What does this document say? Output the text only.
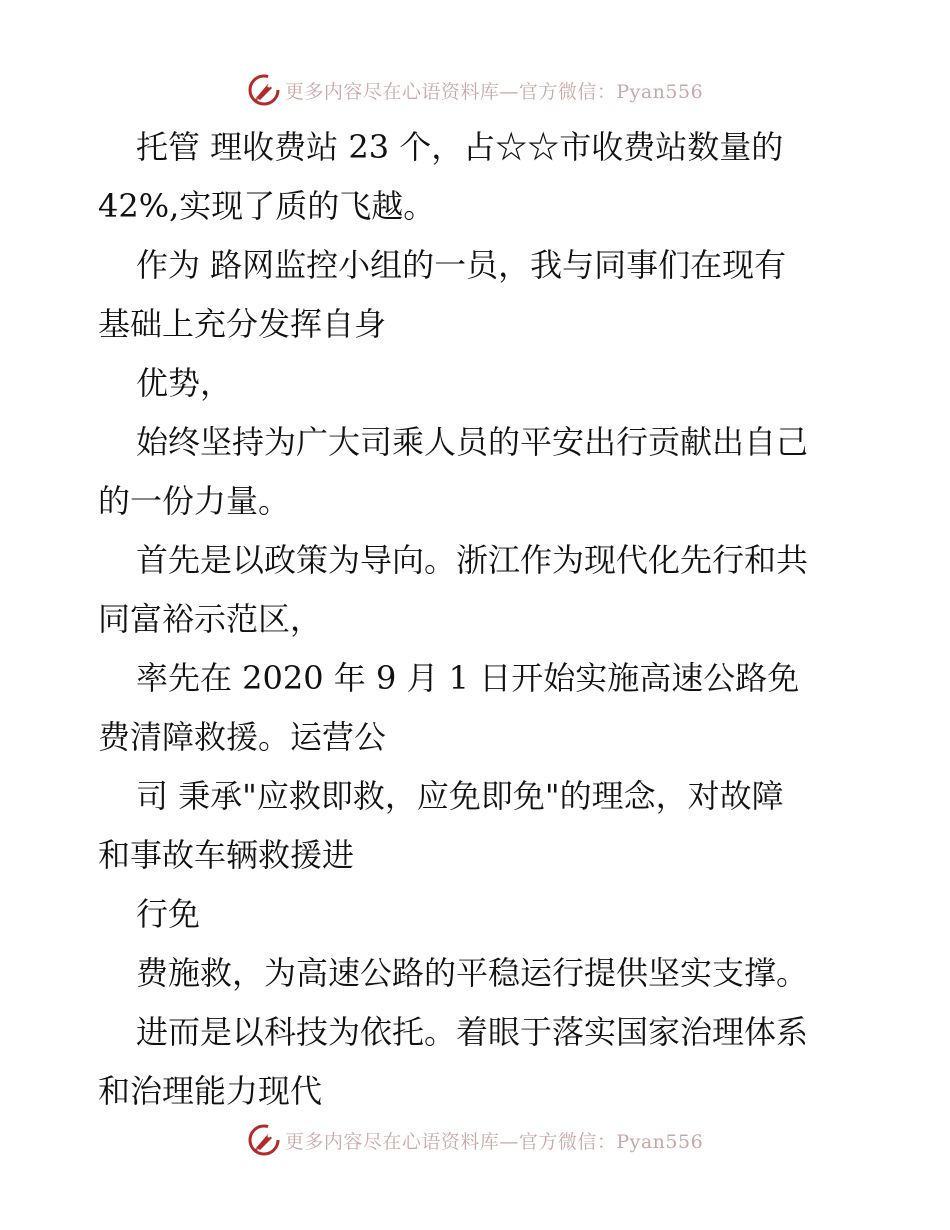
更多内容尽在心语资料库—官方微信：Pyan556
托管 理收费站 23 个，占☆☆市收费站数量的
42%,实现了质的飞越。
作为 路网监控小组的一员，我与同事们在现有
基础上充分发挥自身
优势，
始终坚持为广大司乘人员的平安出行贡献出自己
的一份力量。
首先是以政策为导向。浙江作为现代化先行和共
同富裕示范区，
率先在 2020 年 9 月 1 日开始实施高速公路免
费清障救援。运营公
司 秉承"应救即救，应免即免"的理念，对故障
和事故车辆救援进
行免
费施救，为高速公路的平稳运行提供坚实支撑。
进而是以科技为依托。着眼于落实国家治理体系
和治理能力现代
更多内容尽在心语资料库—官方微信：Pyan556
